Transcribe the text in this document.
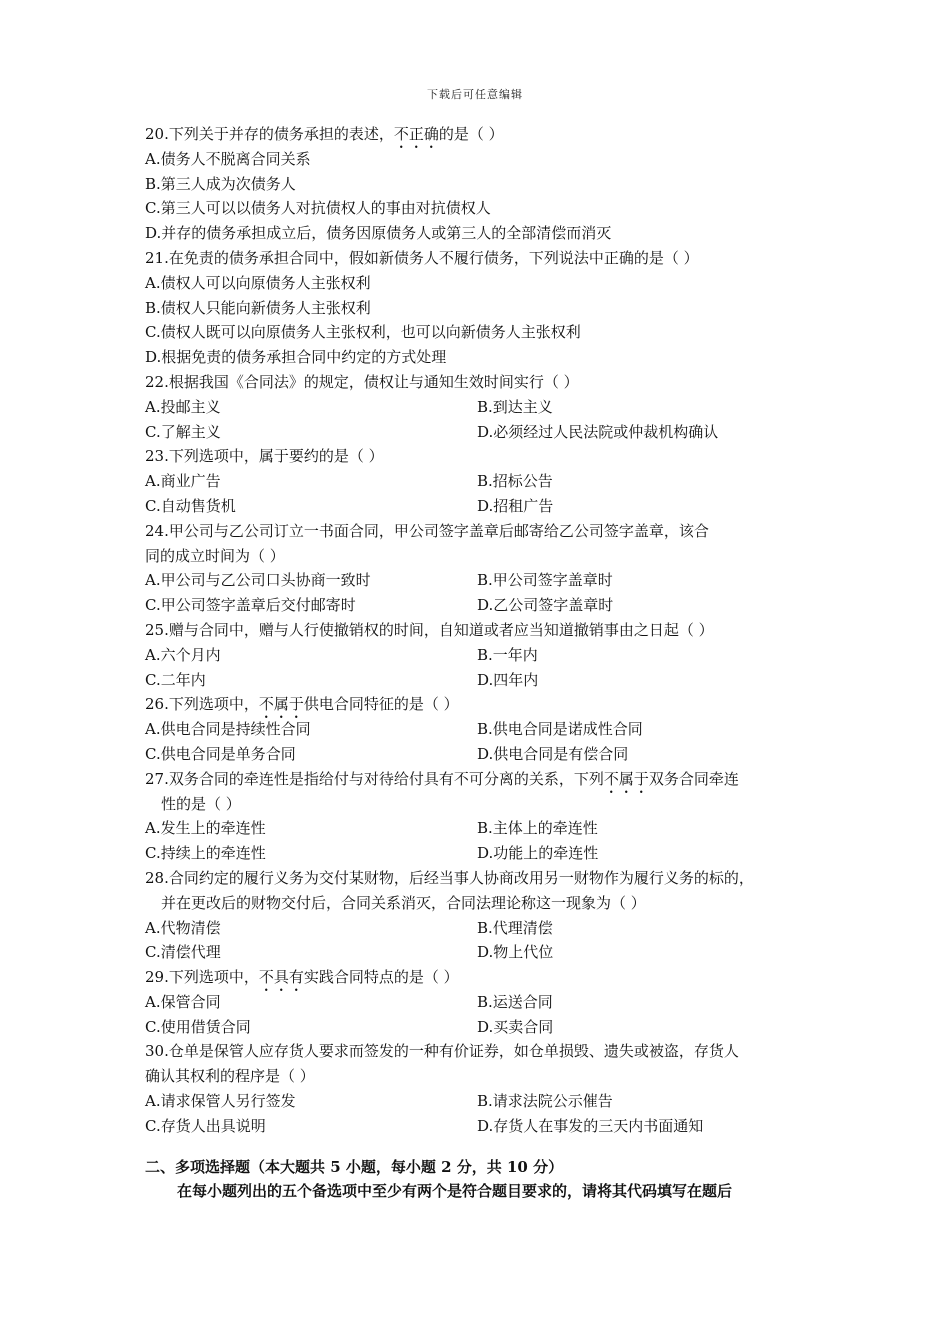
下载后可任意编辑
20.下列关于并存的债务承担的表述，不正确的是（ ）
A.债务人不脱离合同关系
B.第三人成为次债务人
C.第三人可以以债务人对抗债权人的事由对抗债权人
D.并存的债务承担成立后，债务因原债务人或第三人的全部清偿而消灭
21.在免责的债务承担合同中，假如新债务人不履行债务，下列说法中正确的是（ ）
A.债权人可以向原债务人主张权利
B.债权人只能向新债务人主张权利
C.债权人既可以向原债务人主张权利，也可以向新债务人主张权利
D.根据免责的债务承担合同中约定的方式处理
22.根据我国《合同法》的规定，债权让与通知生效时间实行（ ）
A.投邮主义	B.到达主义
C.了解主义	D.必须经过人民法院或仲裁机构确认
23.下列选项中，属于要约的是（ ）
A.商业广告	B.招标公告
C.自动售货机	D.招租广告
24.甲公司与乙公司订立一书面合同，甲公司签字盖章后邮寄给乙公司签字盖章，该合
同的成立时间为（ ）
A.甲公司与乙公司口头协商一致时	B.甲公司签字盖章时
C.甲公司签字盖章后交付邮寄时	D.乙公司签字盖章时
25.赠与合同中，赠与人行使撤销权的时间，自知道或者应当知道撤销事由之日起（ ）
A.六个月内	B.一年内
C.二年内	D.四年内
26.下列选项中，不属于供电合同特征的是（ ）
A.供电合同是持续性合同	B.供电合同是诺成性合同
C.供电合同是单务合同	D.供电合同是有偿合同
27.双务合同的牵连性是指给付与对待给付具有不可分离的关系，下列不属于双务合同牵连
性的是（ ）
A.发生上的牵连性	B.主体上的牵连性
C.持续上的牵连性	D.功能上的牵连性
28.合同约定的履行义务为交付某财物，后经当事人协商改用另一财物作为履行义务的标的，
并在更改后的财物交付后，合同关系消灭，合同法理论称这一现象为（ ）
A.代物清偿	B.代理清偿
C.清偿代理	D.物上代位
29.下列选项中，不具有实践合同特点的是（ ）
A.保管合同	B.运送合同
C.使用借赁合同	D.买卖合同
30.仓单是保管人应存货人要求而签发的一种有价证券，如仓单损毁、遗失或被盗，存货人
确认其权利的程序是（ ）
A.请求保管人另行签发	B.请求法院公示催告
C.存货人出具说明	D.存货人在事发的三天内书面通知
二、多项选择题（本大题共 5 小题，每小题 2 分，共 10 分）
在每小题列出的五个备选项中至少有两个是符合题目要求的，请将其代码填写在题后
